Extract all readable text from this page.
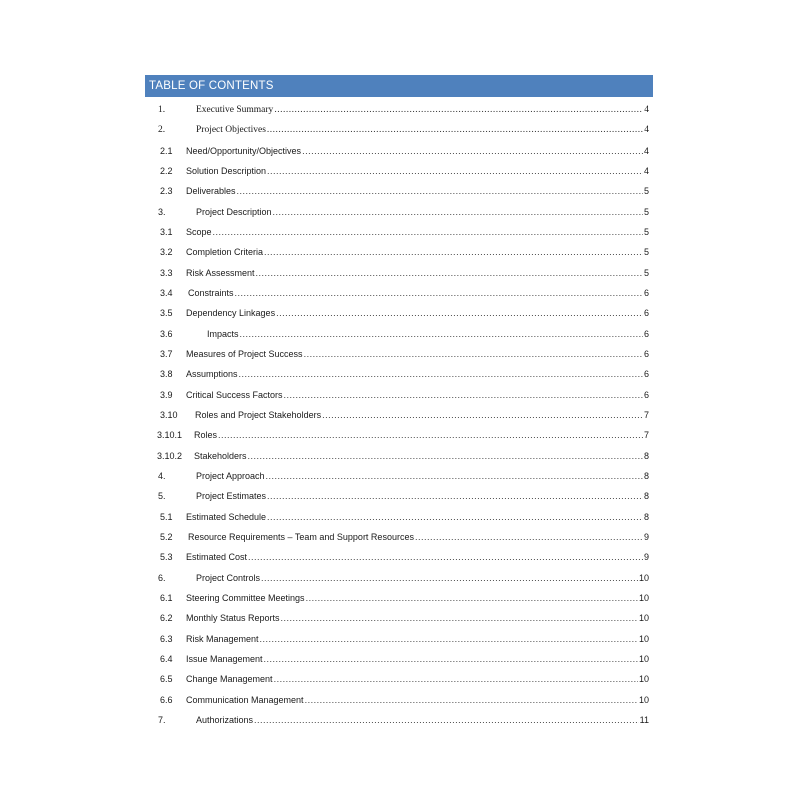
TABLE OF CONTENTS
1.	Executive Summary .....	4
2.	Project Objectives .....	4
2.1 Need/Opportunity/Objectives .....	4
2.2 Solution Description .....	4
2.3 Deliverables .....	5
3.	Project Description .....	5
3.1 Scope .....	5
3.2 Completion Criteria .....	5
3.3 Risk Assessment .....	5
3.4 Constraints .....	6
3.5 Dependency Linkages .....	6
3.6	Impacts .....	6
3.7 Measures of Project Success .....	6
3.8 Assumptions .....	6
3.9 Critical Success Factors .....	6
3.10 Roles and Project Stakeholders .....	7
3.10.1 Roles .....	7
3.10.2 Stakeholders .....	8
4.	Project Approach .....	8
5.	Project Estimates .....	8
5.1 Estimated Schedule .....	8
5.2 Resource Requirements – Team and Support Resources .....	9
5.3 Estimated Cost .....	9
6.	Project Controls .....	10
6.1 Steering Committee Meetings .....	10
6.2 Monthly Status Reports .....	10
6.3 Risk Management .....	10
6.4 Issue Management .....	10
6.5 Change Management .....	10
6.6 Communication Management .....	10
7.	Authorizations .....	11
